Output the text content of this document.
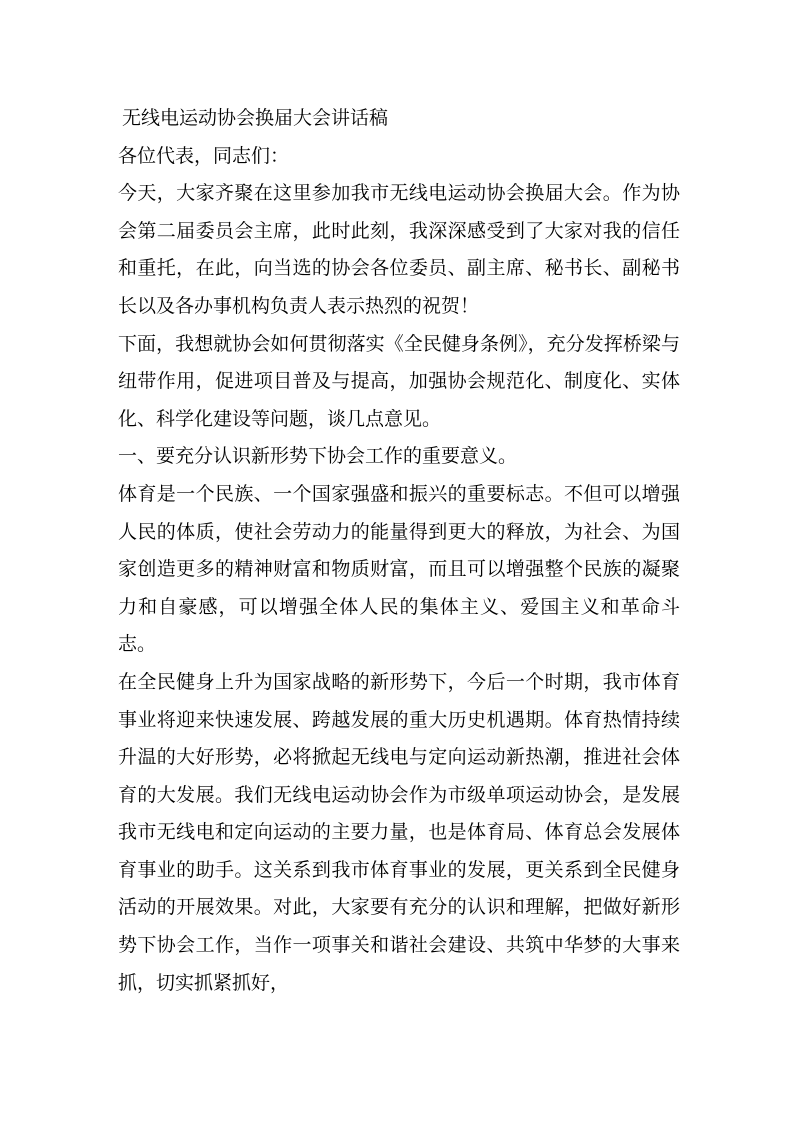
无线电运动协会换届大会讲话稿

各位代表，同志们：

今天，大家齐聚在这里参加我市无线电运动协会换届大会。作为协会第二届委员会主席，此时此刻，我深深感受到了大家对我的信任和重托，在此，向当选的协会各位委员、副主席、秘书长、副秘书长以及各办事机构负责人表示热烈的祝贺！

下面，我想就协会如何贯彻落实《全民健身条例》，充分发挥桥梁与纽带作用，促进项目普及与提高，加强协会规范化、制度化、实体化、科学化建设等问题，谈几点意见。

一、要充分认识新形势下协会工作的重要意义。

体育是一个民族、一个国家强盛和振兴的重要标志。不但可以增强人民的体质，使社会劳动力的能量得到更大的释放，为社会、为国家创造更多的精神财富和物质财富，而且可以增强整个民族的凝聚力和自豪感，可以增强全体人民的集体主义、爱国主义和革命斗志。

在全民健身上升为国家战略的新形势下，今后一个时期，我市体育事业将迎来快速发展、跨越发展的重大历史机遇期。体育热情持续升温的大好形势，必将掀起无线电与定向运动新热潮，推进社会体育的大发展。我们无线电运动协会作为市级单项运动协会，是发展我市无线电和定向运动的主要力量，也是体育局、体育总会发展体育事业的助手。这关系到我市体育事业的发展，更关系到全民健身活动的开展效果。对此，大家要有充分的认识和理解，把做好新形势下协会工作，当作一项事关和谐社会建设、共筑中华梦的大事来抓，切实抓紧抓好，
